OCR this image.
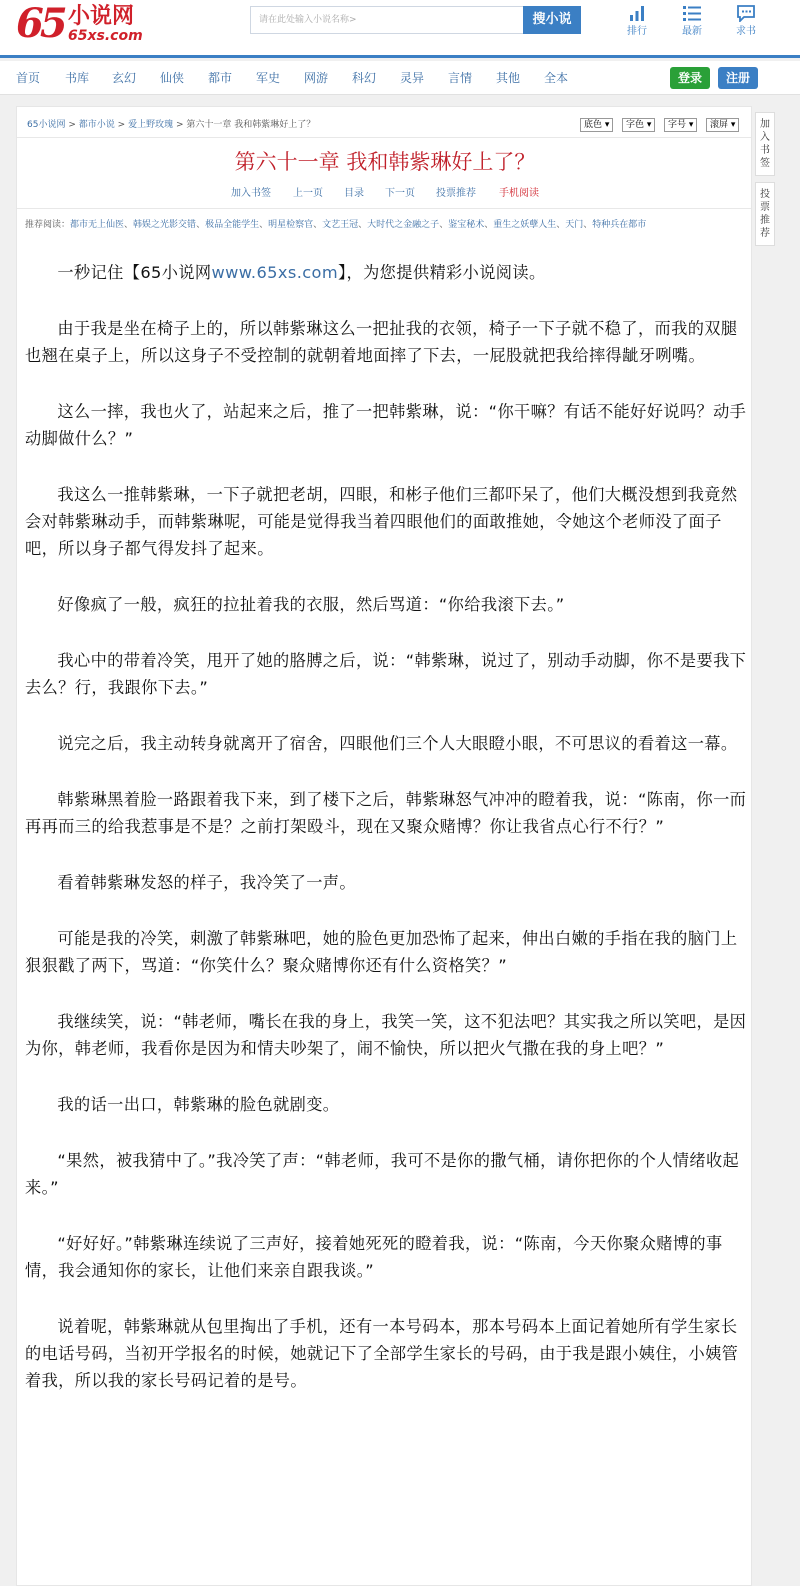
65 小说网
65xs.com
请在此处输入小说名称>	搜小说
排行	最新	求书
首页 书库 玄幻 仙侠 都市 军史 网游 科幻 灵异 言情 其他 全本	登录	注册
65小说网 > 都市小说 > 爱上野玫瑰 > 第六十一章 我和韩紫琳好上了？	底色 ▾	字色 ▾	字号 ▾	滚屏 ▾
第六十一章 我和韩紫琳好上了？
加入书签 上一页 目录 下一页 投票推荐 手机阅读
推荐阅读：都市无上仙医、韩娱之光影交错、极品全能学生、明星检察官、文艺王冠、大时代之金融之子、鉴宝秘术、重生之妖孽人生、天门、特种兵在都市

一秒记住【65小说网www.65xs.com】，为您提供精彩小说阅读。

由于我是坐在椅子上的，所以韩紫琳这么一把扯我的衣领，椅子一下子就不稳了，而我的双腿也翘在桌子上，所以这身子不受控制的就朝着地面摔了下去，一屁股就把我给摔得龇牙咧嘴。

这么一摔，我也火了，站起来之后，推了一把韩紫琳，说：“你干嘛？有话不能好好说吗？动手动脚做什么？”

我这么一推韩紫琳，一下子就把老胡，四眼，和彬子他们三都吓呆了，他们大概没想到我竟然会对韩紫琳动手，而韩紫琳呢，可能是觉得我当着四眼他们的面敢推她，令她这个老师没了面子吧，所以身子都气得发抖了起来。

好像疯了一般，疯狂的拉扯着我的衣服，然后骂道：“你给我滚下去。”

我心中的带着冷笑，甩开了她的胳膊之后，说：“韩紫琳，说过了，别动手动脚，你不是要我下去么？行，我跟你下去。”

说完之后，我主动转身就离开了宿舍，四眼他们三个人大眼瞪小眼，不可思议的看着这一幕。

韩紫琳黑着脸一路跟着我下来，到了楼下之后，韩紫琳怒气冲冲的瞪着我，说：“陈南，你一而再再而三的给我惹事是不是？之前打架殴斗，现在又聚众赌博？你让我省点心行不行？”

看着韩紫琳发怒的样子，我冷笑了一声。

可能是我的冷笑，刺激了韩紫琳吧，她的脸色更加恐怖了起来，伸出白嫩的手指在我的脑门上狠狠戳了两下，骂道：“你笑什么？聚众赌博你还有什么资格笑？”

我继续笑，说：“韩老师，嘴长在我的身上，我笑一笑，这不犯法吧？其实我之所以笑吧，是因为你，韩老师，我看你是因为和情夫吵架了，闹不愉快，所以把火气撒在我的身上吧？”

我的话一出口，韩紫琳的脸色就剧变。

“果然，被我猜中了。”我冷笑了声：“韩老师，我可不是你的撒气桶，请你把你的个人情绪收起来。”

“好好好。”韩紫琳连续说了三声好，接着她死死的瞪着我，说：“陈南，今天你聚众赌博的事情，我会通知你的家长，让他们来亲自跟我谈。”

说着呢，韩紫琳就从包里掏出了手机，还有一本号码本，那本号码本上面记着她所有学生家长的电话号码，当初开学报名的时候，她就记下了全部学生家长的号码，由于我是跟小姨住，小姨管着我，所以我的家长号码记着的是号。

加入书签
投票推荐
